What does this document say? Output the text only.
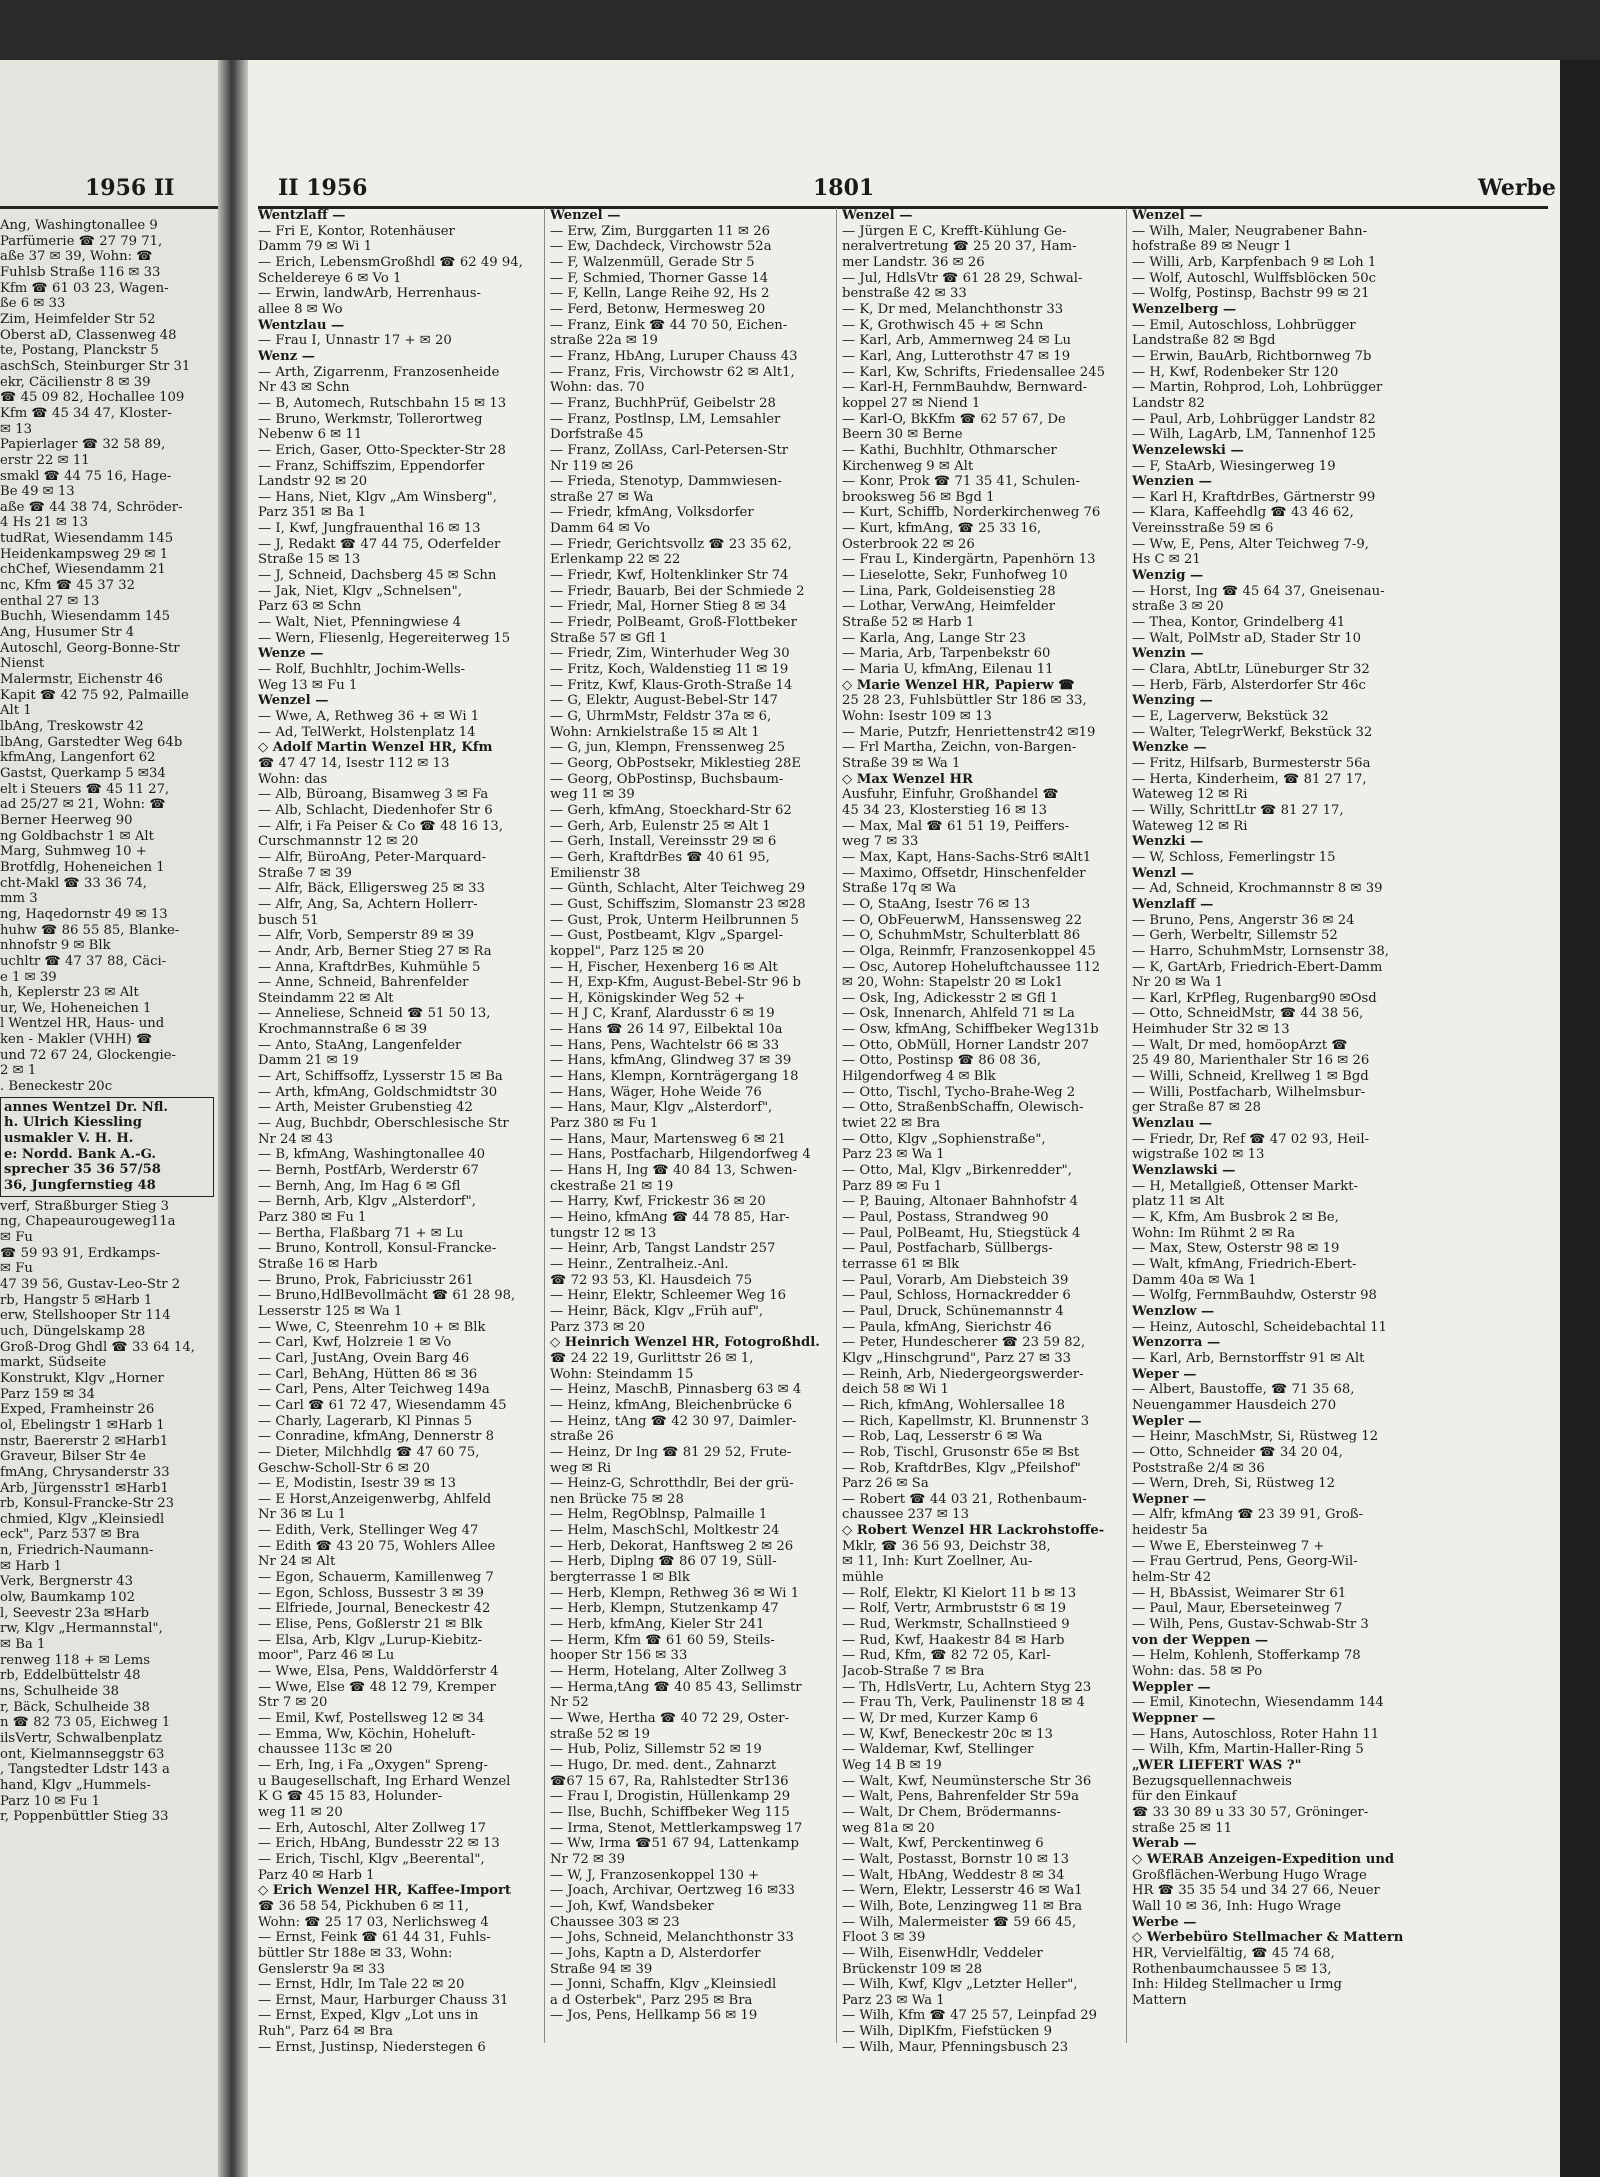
1956 II
Ang, Washingtonallee 9
Parfümerie ☎ 27 79 71,
aße 37 ✉ 39, Wohn: ☎
Fuhlsb Straße 116 ✉ 33
Kfm ☎ 61 03 23, Wagen-
ße 6 ✉ 33
Zim, Heimfelder Str 52
Oberst aD, Classenweg 48
te, Postang, Planckstr 5
aschSch, Steinburger Str 31
ekr, Cäcilienstr 8 ✉ 39
☎ 45 09 82, Hochallee 109
Kfm ☎ 45 34 47, Kloster-
✉ 13
Papierlager ☎ 32 58 89,
erstr 22 ✉ 11
smakl ☎ 44 75 16, Hage-
Be 49 ✉ 13
aße ☎ 44 38 74, Schröder-
4 Hs 21 ✉ 13
tudRat, Wiesendamm 145
Heidenkampsweg 29 ✉ 1
chChef, Wiesendamm 21
nc, Kfm ☎ 45 37 32
enthal 27 ✉ 13
Buchh, Wiesendamm 145
Ang, Husumer Str 4
Autoschl, Georg-Bonne-Str
Nienst
Malermstr, Eichenstr 46
Kapit ☎ 42 75 92, Palmaille
Alt 1
lbAng, Treskowstr 42
lbAng, Garstedter Weg 64b
kfmAng, Langenfort 62
Gastst, Querkamp 5 ✉34
elt i Steuers ☎ 45 11 27,
ad 25/27 ✉ 21, Wohn: ☎
Berner Heerweg 90
ng Goldbachstr 1 ✉ Alt
Marg, Suhmweg 10 +
Brotfdlg, Hoheneichen 1
cht-Makl ☎ 33 36 74,
mm 3
ng, Haqedornstr 49 ✉ 13
huhw ☎ 86 55 85, Blanke-
nhnofstr 9 ✉ Blk
uchltr ☎ 47 37 88, Cäci-
e 1 ✉ 39
h, Keplerstr 23 ✉ Alt
ur, We, Hoheneichen 1
l Wentzel HR, Haus- und
ken - Makler (VHH) ☎
und 72 67 24, Glockengie-
2 ✉ 1
. Beneckestr 20c
annes Wentzel Dr. Nfl.
h. Ulrich Kiessling
usmakler V. H. H.
e: Nordd. Bank A.-G.
sprecher 35 36 57/58
36, Jungfernstieg 48
verf, Straßburger Stieg 3
ng, Chapeaurougeweg11a
✉ Fu
☎ 59 93 91, Erdkamps-
✉ Fu
47 39 56, Gustav-Leo-Str 2
rb, Hangstr 5 ✉Harb 1
erw, Stellshooper Str 114
uch, Düngelskamp 28
Groß-Drog Ghdl ☎ 33 64 14,
markt, Südseite
Konstrukt, Klgv „Horner
Parz 159 ✉ 34
Exped, Framheinstr 26
ol, Ebelingstr 1 ✉Harb 1
nstr, Baererstr 2 ✉Harb1
Graveur, Bilser Str 4e
fmAng, Chrysanderstr 33
Arb, Jürgensstr1 ✉Harb1
rb, Konsul-Francke-Str 23
chmied, Klgv „Kleinsiedl
eck", Parz 537 ✉ Bra
n, Friedrich-Naumann-
✉ Harb 1
Verk, Bergnerstr 43
olw, Baumkamp 102
l, Seevestr 23a ✉Harb
rw, Klgv „Hermannstal",
✉ Ba 1
renweg 118 + ✉ Lems
rb, Eddelbüttelstr 48
ns, Schulheide 38
r, Bäck, Schulheide 38
n ☎ 82 73 05, Eichweg 1
ilsVertr, Schwalbenplatz
ont, Kielmannseggstr 63
, Tangstedter Ldstr 143 a
hand, Klgv „Hummels-
Parz 10 ✉ Fu 1
r, Poppenbüttler Stieg 33
II 1956	1801	Werbe
Wentzlaff —
— Fri E, Kontor, Rotenhäuser
Damm 79 ✉ Wi 1
— Erich, LebensmGroßhdl ☎ 62 49 94,
Scheldereye 6 ✉ Vo 1
— Erwin, landwArb, Herrenhaus-
allee 8 ✉ Wo
Wentzlau —
— Frau I, Unnastr 17 + ✉ 20
Wenz —
— Arth, Zigarrenm, Franzosenheide
Nr 43 ✉ Schn
— B, Automech, Rutschbahn 15 ✉ 13
— Bruno, Werkmstr, Tollerortweg
Nebenw 6 ✉ 11
— Erich, Gaser, Otto-Speckter-Str 28
— Franz, Schiffszim, Eppendorfer
Landstr 92 ✉ 20
— Hans, Niet, Klgv „Am Winsberg",
Parz 351 ✉ Ba 1
— I, Kwf, Jungfrauenthal 16 ✉ 13
— J, Redakt ☎ 47 44 75, Oderfelder
Straße 15 ✉ 13
— J, Schneid, Dachsberg 45 ✉ Schn
— Jak, Niet, Klgv „Schnelsen",
Parz 63 ✉ Schn
— Walt, Niet, Pfenningwiese 4
— Wern, Fliesenlg, Hegereiterweg 15
Wenze —
— Rolf, Buchhltr, Jochim-Wells-
Weg 13 ✉ Fu 1
Wenzel —
— Wwe, A, Rethweg 36 + ✉ Wi 1
— Ad, TelWerkt, Holstenplatz 14
◇ Adolf Martin Wenzel HR, Kfm
☎ 47 47 14, Isestr 112 ✉ 13
Wohn: das
— Alb, Büroang, Bisamweg 3 ✉ Fa
— Alb, Schlacht, Diedenhofer Str 6
— Alfr, i Fa Peiser & Co ☎ 48 16 13,
Curschmannstr 12 ✉ 20
— Alfr, BüroAng, Peter-Marquard-
Straße 7 ✉ 39
— Alfr, Bäck, Elligersweg 25 ✉ 33
— Alfr, Ang, Sa, Achtern Hollerr-
busch 51
— Alfr, Vorb, Semperstr 89 ✉ 39
— Andr, Arb, Berner Stieg 27 ✉ Ra
— Anna, KraftdrBes, Kuhmühle 5
— Anne, Schneid, Bahrenfelder
Steindamm 22 ✉ Alt
— Anneliese, Schneid ☎ 51 50 13,
Krochmannstraße 6 ✉ 39
— Anto, StaAng, Langenfelder
Damm 21 ✉ 19
— Art, Schiffsoffz, Lysserstr 15 ✉ Ba
— Arth, kfmAng, Goldschmidtstr 30
— Arth, Meister Grubenstieg 42
— Aug, Buchbdr, Oberschlesische Str
Nr 24 ✉ 43
— B, kfmAng, Washingtonallee 40
— Bernh, PostfArb, Werderstr 67
— Bernh, Ang, Im Hag 6 ✉ Gfl
— Bernh, Arb, Klgv „Alsterdorf",
Parz 380 ✉ Fu 1
— Bertha, Flaßbarg 71 + ✉ Lu
— Bruno, Kontroll, Konsul-Francke-
Straße 16 ✉ Harb
— Bruno, Prok, Fabriciusstr 261
— Bruno,HdlBevollmächt ☎ 61 28 98,
Lesserstr 125 ✉ Wa 1
— Wwe, C, Steenrehm 10 + ✉ Blk
— Carl, Kwf, Holzreie 1 ✉ Vo
— Carl, JustAng, Ovein Barg 46
— Carl, BehAng, Hütten 86 ✉ 36
— Carl, Pens, Alter Teichweg 149a
— Carl ☎ 61 72 47, Wiesendamm 45
— Charly, Lagerarb, Kl Pinnas 5
— Conradine, kfmAng, Dennerstr 8
— Dieter, Milchhdlg ☎ 47 60 75,
Geschw-Scholl-Str 6 ✉ 20
— E, Modistin, Isestr 39 ✉ 13
— E Horst,Anzeigenwerbg, Ahlfeld
Nr 36 ✉ Lu 1
— Edith, Verk, Stellinger Weg 47
— Edith ☎ 43 20 75, Wohlers Allee
Nr 24 ✉ Alt
— Egon, Schauerm, Kamillenweg 7
— Egon, Schloss, Bussestr 3 ✉ 39
— Elfriede, Journal, Beneckestr 42
— Elise, Pens, Goßlerstr 21 ✉ Blk
— Elsa, Arb, Klgv „Lurup-Kiebitz-
moor", Parz 46 ✉ Lu
— Wwe, Elsa, Pens, Walddörferstr 4
— Wwe, Else ☎ 48 12 79, Kremper
Str 7 ✉ 20
— Emil, Kwf, Postellsweg 12 ✉ 34
— Emma, Ww, Köchin, Hoheluft-
chaussee 113c ✉ 20
— Erh, Ing, i Fa „Oxygen" Spreng-
u Baugesellschaft, Ing Erhard Wenzel
K G ☎ 45 15 83, Holunder-
weg 11 ✉ 20
— Erh, Autoschl, Alter Zollweg 17
— Erich, HbAng, Bundesstr 22 ✉ 13
— Erich, Tischl, Klgv „Beerental",
Parz 40 ✉ Harb 1
◇ Erich Wenzel HR, Kaffee-Import
☎ 36 58 54, Pickhuben 6 ✉ 11,
Wohn: ☎ 25 17 03, Nerlichsweg 4
— Ernst, Feink ☎ 61 44 31, Fuhls-
büttler Str 188e ✉ 33, Wohn:
Genslerstr 9a ✉ 33
— Ernst, Hdlr, Im Tale 22 ✉ 20
— Ernst, Maur, Harburger Chauss 31
— Ernst, Exped, Klgv „Lot uns in
Ruh", Parz 64 ✉ Bra
— Ernst, Justinsp, Niederstegen 6
Wenzel —
— Erw, Zim, Burggarten 11 ✉ 26
— Ew, Dachdeck, Virchowstr 52a
— F, Walzenmüll, Gerade Str 5
— F, Schmied, Thorner Gasse 14
— F, Kelln, Lange Reihe 92, Hs 2
— Ferd, Betonw, Hermesweg 20
— Franz, Eink ☎ 44 70 50, Eichen-
straße 22a ✉ 19
— Franz, HbAng, Luruper Chauss 43
— Franz, Fris, Virchowstr 62 ✉ Alt1,
Wohn: das. 70
— Franz, BuchhPrüf, Geibelstr 28
— Franz, Postlnsp, LM, Lemsahler
Dorfstraße 45
— Franz, ZollAss, Carl-Petersen-Str
Nr 119 ✉ 26
— Frieda, Stenotyp, Dammwiesen-
straße 27 ✉ Wa
— Friedr, kfmAng, Volksdorfer
Damm 64 ✉ Vo
— Friedr, Gerichtsvollz ☎ 23 35 62,
Erlenkamp 22 ✉ 22
— Friedr, Kwf, Holtenklinker Str 74
— Friedr, Bauarb, Bei der Schmiede 2
— Friedr, Mal, Horner Stieg 8 ✉ 34
— Friedr, PolBeamt, Groß-Flottbeker
Straße 57 ✉ Gfl 1
— Friedr, Zim, Winterhuder Weg 30
— Fritz, Koch, Waldenstieg 11 ✉ 19
— Fritz, Kwf, Klaus-Groth-Straße 14
— G, Elektr, August-Bebel-Str 147
— G, UhrmMstr, Feldstr 37a ✉ 6,
Wohn: Arnkielstraße 15 ✉ Alt 1
— G, jun, Klempn, Frenssenweg 25
— Georg, ObPostsekr, Miklestieg 28E
— Georg, ObPostinsp, Buchsbaum-
weg 11 ✉ 39
— Gerh, kfmAng, Stoeckhard-Str 62
— Gerh, Arb, Eulenstr 25 ✉ Alt 1
— Gerh, Install, Vereinsstr 29 ✉ 6
— Gerh, KraftdrBes ☎ 40 61 95,
Emilienstr 38
— Günth, Schlacht, Alter Teichweg 29
— Gust, Schiffszim, Slomanstr 23 ✉28
— Gust, Prok, Unterm Heilbrunnen 5
— Gust, Postbeamt, Klgv „Spargel-
koppel", Parz 125 ✉ 20
— H, Fischer, Hexenberg 16 ✉ Alt
— H, Exp-Kfm, August-Bebel-Str 96 b
— H, Königskinder Weg 52 +
— H J C, Kranf, Alardusstr 6 ✉ 19
— Hans ☎ 26 14 97, Eilbektal 10a
— Hans, Pens, Wachtelstr 66 ✉ 33
— Hans, kfmAng, Glindweg 37 ✉ 39
— Hans, Klempn, Kornträgergang 18
— Hans, Wäger, Hohe Weide 76
— Hans, Maur, Klgv „Alsterdorf",
Parz 380 ✉ Fu 1
— Hans, Maur, Martensweg 6 ✉ 21
— Hans, Postfacharb, Hilgendorfweg 4
— Hans H, Ing ☎ 40 84 13, Schwen-
ckestraße 21 ✉ 19
— Harry, Kwf, Frickestr 36 ✉ 20
— Heino, kfmAng ☎ 44 78 85, Har-
tungstr 12 ✉ 13
— Heinr, Arb, Tangst Landstr 257
— Heinr., Zentralheiz.-Anl.
☎ 72 93 53, Kl. Hausdeich 75
— Heinr, Elektr, Schleemer Weg 16
— Heinr, Bäck, Klgv „Früh auf",
Parz 373 ✉ 20
◇ Heinrich Wenzel HR, Fotogroßhdl.
☎ 24 22 19, Gurlittstr 26 ✉ 1,
Wohn: Steindamm 15
— Heinz, MaschB, Pinnasberg 63 ✉ 4
— Heinz, kfmAng, Bleichenbrücke 6
— Heinz, tAng ☎ 42 30 97, Daimler-
straße 26
— Heinz, Dr Ing ☎ 81 29 52, Frute-
weg ✉ Ri
— Heinz-G, Schrotthdlr, Bei der grü-
nen Brücke 75 ✉ 28
— Helm, RegOblnsp, Palmaille 1
— Helm, MaschSchl, Moltkestr 24
— Herb, Dekorat, Hanftsweg 2 ✉ 26
— Herb, Diplng ☎ 86 07 19, Süll-
bergterrasse 1 ✉ Blk
— Herb, Klempn, Rethweg 36 ✉ Wi 1
— Herb, Klempn, Stutzenkamp 47
— Herb, kfmAng, Kieler Str 241
— Herm, Kfm ☎ 61 60 59, Steils-
hooper Str 156 ✉ 33
— Herm, Hotelang, Alter Zollweg 3
— Herma,tAng ☎ 40 85 43, Sellimstr
Nr 52
— Wwe, Hertha ☎ 40 72 29, Oster-
straße 52 ✉ 19
— Hub, Poliz, Sillemstr 52 ✉ 19
— Hugo, Dr. med. dent., Zahnarzt
☎67 15 67, Ra, Rahlstedter Str136
— Frau I, Drogistin, Hüllenkamp 29
— Ilse, Buchh, Schiffbeker Weg 115
— Irma, Stenot, Mettlerkampsweg 17
— Ww, Irma ☎51 67 94, Lattenkamp
Nr 72 ✉ 39
— W, J, Franzosenkoppel 130 +
— Joach, Archivar, Oertzweg 16 ✉33
— Joh, Kwf, Wandsbeker
Chaussee 303 ✉ 23
— Johs, Schneid, Melanchthonstr 33
— Johs, Kaptn a D, Alsterdorfer
Straße 94 ✉ 39
— Jonni, Schaffn, Klgv „Kleinsiedl
a d Osterbek", Parz 295 ✉ Bra
— Jos, Pens, Hellkamp 56 ✉ 19
Wenzel —
— Jürgen E C, Krefft-Kühlung Ge-
neralvertretung ☎ 25 20 37, Ham-
mer Landstr. 36 ✉ 26
— Jul, HdlsVtr ☎ 61 28 29, Schwal-
benstraße 42 ✉ 33
— K, Dr med, Melanchthonstr 33
— K, Grothwisch 45 + ✉ Schn
— Karl, Arb, Ammernweg 24 ✉ Lu
— Karl, Ang, Lutterothstr 47 ✉ 19
— Karl, Kw, Schrifts, Friedensallee 245
— Karl-H, FernmBauhdw, Bernward-
koppel 27 ✉ Niend 1
— Karl-O, BkKfm ☎ 62 57 67, De
Beern 30 ✉ Berne
— Kathi, Buchhltr, Othmarscher
Kirchenweg 9 ✉ Alt
— Konr, Prok ☎ 71 35 41, Schulen-
brooksweg 56 ✉ Bgd 1
— Kurt, Schiffb, Norderkirchenweg 76
— Kurt, kfmAng, ☎ 25 33 16,
Osterbrook 22 ✉ 26
— Frau L, Kindergärtn, Papenhörn 13
— Lieselotte, Sekr, Funhofweg 10
— Lina, Park, Goldeisenstieg 28
— Lothar, VerwAng, Heimfelder
Straße 52 ✉ Harb 1
— Karla, Ang, Lange Str 23
— Maria, Arb, Tarpenbekstr 60
— Maria U, kfmAng, Eilenau 11
◇ Marie Wenzel HR, Papierw ☎
25 28 23, Fuhlsbüttler Str 186 ✉ 33,
Wohn: Isestr 109 ✉ 13
— Marie, Putzfr, Henriettenstr42 ✉19
— Frl Martha, Zeichn, von-Bargen-
Straße 39 ✉ Wa 1
◇ Max Wenzel HR
Ausfuhr, Einfuhr, Großhandel ☎
45 34 23, Klosterstieg 16 ✉ 13
— Max, Mal ☎ 61 51 19, Peiffers-
weg 7 ✉ 33
— Max, Kapt, Hans-Sachs-Str6 ✉Alt1
— Maximo, Offsetdr, Hinschenfelder
Straße 17q ✉ Wa
— O, StaAng, Isestr 76 ✉ 13
— O, ObFeuerwM, Hanssensweg 22
— O, SchuhmMstr, Schulterblatt 86
— Olga, Reinmfr, Franzosenkoppel 45
— Osc, Autorep Hoheluftchaussee 112
✉ 20, Wohn: Stapelstr 20 ✉ Lok1
— Osk, Ing, Adickesstr 2 ✉ Gfl 1
— Osk, Innenarch, Ahlfeld 71 ✉ La
— Osw, kfmAng, Schiffbeker Weg131b
— Otto, ObMüll, Horner Landstr 207
— Otto, Postinsp ☎ 86 08 36,
Hilgendorfweg 4 ✉ Blk
— Otto, Tischl, Tycho-Brahe-Weg 2
— Otto, StraßenbSchaffn, Olewisch-
twiet 22 ✉ Bra
— Otto, Klgv „Sophienstraße",
Parz 23 ✉ Wa 1
— Otto, Mal, Klgv „Birkenredder",
Parz 89 ✉ Fu 1
— P, Bauing, Altonaer Bahnhofstr 4
— Paul, Postass, Strandweg 90
— Paul, PolBeamt, Hu, Stiegstück 4
— Paul, Postfacharb, Süllbergs-
terrasse 61 ✉ Blk
— Paul, Vorarb, Am Diebsteich 39
— Paul, Schloss, Hornackredder 6
— Paul, Druck, Schünemannstr 4
— Paula, kfmAng, Sierichstr 46
— Peter, Hundescherer ☎ 23 59 82,
Klgv „Hinschgrund", Parz 27 ✉ 33
— Reinh, Arb, Niedergeorgswerder-
deich 58 ✉ Wi 1
— Rich, kfmAng, Wohlersallee 18
— Rich, Kapellmstr, Kl. Brunnenstr 3
— Rob, Laq, Lesserstr 6 ✉ Wa
— Rob, Tischl, Grusonstr 65e ✉ Bst
— Rob, KraftdrBes, Klgv „Pfeilshof"
Parz 26 ✉ Sa
— Robert ☎ 44 03 21, Rothenbaum-
chaussee 237 ✉ 13
◇ Robert Wenzel HR Lackrohstoffe-
Mklr, ☎ 36 56 93, Deichstr 38,
✉ 11, Inh: Kurt Zoellner, Au-
mühle
— Rolf, Elektr, Kl Kielort 11 b ✉ 13
— Rolf, Vertr, Armbruststr 6 ✉ 19
— Rud, Werkmstr, Schallnstieed 9
— Rud, Kwf, Haakestr 84 ✉ Harb
— Rud, Kfm, ☎ 82 72 05, Karl-
Jacob-Straße 7 ✉ Bra
— Th, HdlsVertr, Lu, Achtern Styg 23
— Frau Th, Verk, Paulinenstr 18 ✉ 4
— W, Dr med, Kurzer Kamp 6
— W, Kwf, Beneckestr 20c ✉ 13
— Waldemar, Kwf, Stellinger
Weg 14 B ✉ 19
— Walt, Kwf, Neumünstersche Str 36
— Walt, Pens, Bahrenfelder Str 59a
— Walt, Dr Chem, Brödermanns-
weg 81a ✉ 20
— Walt, Kwf, Perckentinweg 6
— Walt, Postasst, Bornstr 10 ✉ 13
— Walt, HbAng, Weddestr 8 ✉ 34
— Wern, Elektr, Lesserstr 46 ✉ Wa1
— Wilh, Bote, Lenzingweg 11 ✉ Bra
— Wilh, Malermeister ☎ 59 66 45,
Floot 3 ✉ 39
— Wilh, EisenwHdlr, Veddeler
Brückenstr 109 ✉ 28
— Wilh, Kwf, Klgv „Letzter Heller",
Parz 23 ✉ Wa 1
— Wilh, Kfm ☎ 47 25 57, Leinpfad 29
— Wilh, DiplKfm, Fiefstücken 9
— Wilh, Maur, Pfenningsbusch 23
Wenzel —
— Wilh, Maler, Neugrabener Bahn-
hofstraße 89 ✉ Neugr 1
— Willi, Arb, Karpfenbach 9 ✉ Loh 1
— Wolf, Autoschl, Wulffsblöcken 50c
— Wolfg, Postinsp, Bachstr 99 ✉ 21
Wenzelberg —
— Emil, Autoschloss, Lohbrügger
Landstraße 82 ✉ Bgd
— Erwin, BauArb, Richtbornweg 7b
— H, Kwf, Rodenbeker Str 120
— Martin, Rohprod, Loh, Lohbrügger
Landstr 82
— Paul, Arb, Lohbrügger Landstr 82
— Wilh, LagArb, LM, Tannenhof 125
Wenzelewski —
— F, StaArb, Wiesingerweg 19
Wenzien —
— Karl H, KraftdrBes, Gärtnerstr 99
— Klara, Kaffeehdlg ☎ 43 46 62,
Vereinsstraße 59 ✉ 6
— Ww, E, Pens, Alter Teichweg 7-9,
Hs C ✉ 21
Wenzig —
— Horst, Ing ☎ 45 64 37, Gneisenau-
straße 3 ✉ 20
— Thea, Kontor, Grindelberg 41
— Walt, PolMstr aD, Stader Str 10
Wenzin —
— Clara, AbtLtr, Lüneburger Str 32
— Herb, Färb, Alsterdorfer Str 46c
Wenzing —
— E, Lagerverw, Bekstück 32
— Walter, TelegrWerkf, Bekstück 32
Wenzke —
— Fritz, Hilfsarb, Burmesterstr 56a
— Herta, Kinderheim, ☎ 81 27 17,
Wateweg 12 ✉ Ri
— Willy, SchrittLtr ☎ 81 27 17,
Wateweg 12 ✉ Ri
Wenzki —
— W, Schloss, Femerlingstr 15
Wenzl —
— Ad, Schneid, Krochmannstr 8 ✉ 39
Wenzlaff —
— Bruno, Pens, Angerstr 36 ✉ 24
— Gerh, Werbeltr, Sillemstr 52
— Harro, SchuhmMstr, Lornsenstr 38,
— K, GartArb, Friedrich-Ebert-Damm
Nr 20 ✉ Wa 1
— Karl, KrPfleg, Rugenbarg90 ✉Osd
— Otto, SchneidMstr, ☎ 44 38 56,
Heimhuder Str 32 ✉ 13
— Walt, Dr med, homöopArzt ☎
25 49 80, Marienthaler Str 16 ✉ 26
— Willi, Schneid, Krellweg 1 ✉ Bgd
— Willi, Postfacharb, Wilhelmsbur-
ger Straße 87 ✉ 28
Wenzlau —
— Friedr, Dr, Ref ☎ 47 02 93, Heil-
wigstraße 102 ✉ 13
Wenzlawski —
— H, Metallgieß, Ottenser Markt-
platz 11 ✉ Alt
— K, Kfm, Am Busbrok 2 ✉ Be,
Wohn: Im Rühmt 2 ✉ Ra
— Max, Stew, Osterstr 98 ✉ 19
— Walt, kfmAng, Friedrich-Ebert-
Damm 40a ✉ Wa 1
— Wolfg, FernmBauhdw, Osterstr 98
Wenzlow —
— Heinz, Autoschl, Scheidebachtal 11
Wenzorra —
— Karl, Arb, Bernstorffstr 91 ✉ Alt
Weper —
— Albert, Baustoffe, ☎ 71 35 68,
Neuengammer Hausdeich 270
Wepler —
— Heinr, MaschMstr, Si, Rüstweg 12
— Otto, Schneider ☎ 34 20 04,
Poststraße 2/4 ✉ 36
— Wern, Dreh, Si, Rüstweg 12
Wepner —
— Alfr, kfmAng ☎ 23 39 91, Groß-
heidestr 5a
— Wwe E, Ebersteinweg 7 +
— Frau Gertrud, Pens, Georg-Wil-
helm-Str 42
— H, BbAssist, Weimarer Str 61
— Paul, Maur, Eberseteinweg 7
— Wilh, Pens, Gustav-Schwab-Str 3
von der Weppen —
— Helm, Kohlenh, Stofferkamp 78
Wohn: das. 58 ✉ Po
Weppler —
— Emil, Kinotechn, Wiesendamm 144
Weppner —
— Hans, Autoschloss, Roter Hahn 11
— Wilh, Kfm, Martin-Haller-Ring 5
„WER LIEFERT WAS ?"
Bezugsquellennachweis
für den Einkauf
☎ 33 30 89 u 33 30 57, Gröninger-
straße 25 ✉ 11
Werab —
◇ WERAB Anzeigen-Expedition und
Großflächen-Werbung Hugo Wrage
HR ☎ 35 35 54 und 34 27 66, Neuer
Wall 10 ✉ 36, Inh: Hugo Wrage
Werbe —
◇ Werbebüro Stellmacher & Mattern
HR, Vervielfältig, ☎ 45 74 68,
Rothenbaumchaussee 5 ✉ 13,
Inh: Hildeg Stellmacher u Irmg
Mattern
